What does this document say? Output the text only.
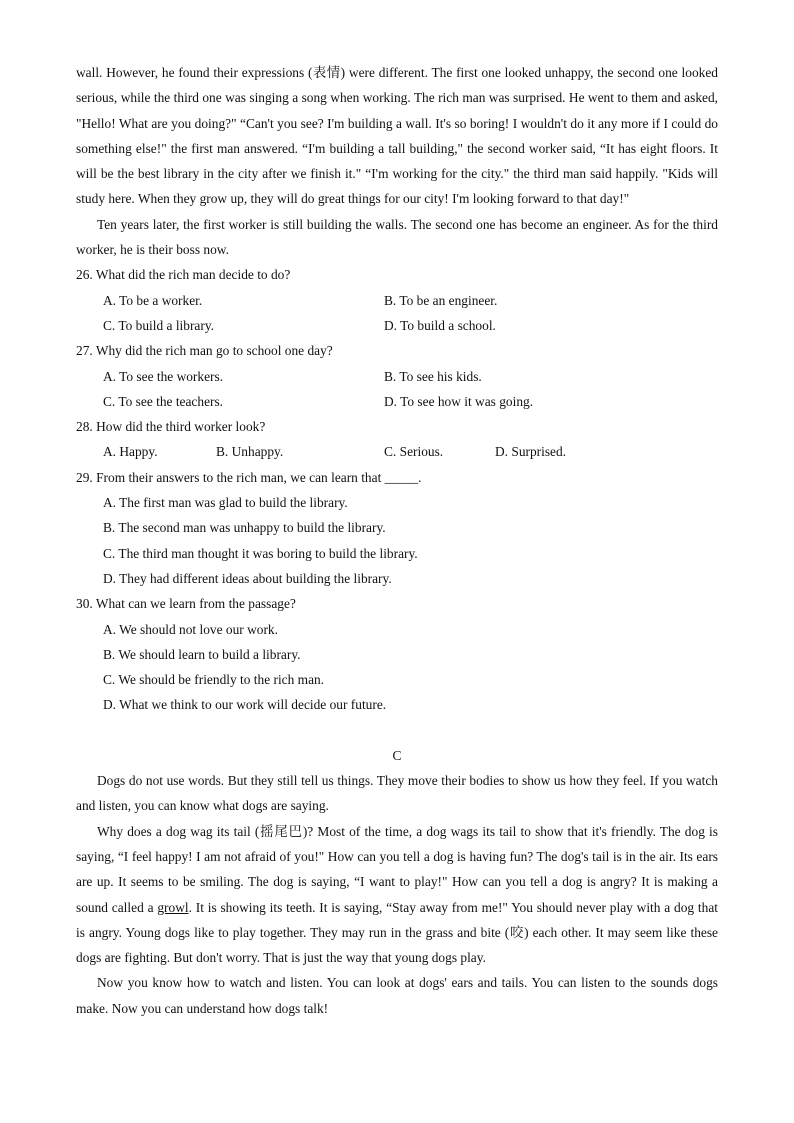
wall. However, he found their expressions (表情) were different. The first one looked unhappy, the second one looked serious, while the third one was singing a song when working. The rich man was surprised. He went to them and asked, "Hello! What are you doing?" “Can't you see? I'm building a wall. It's so boring! I wouldn't do it any more if I could do something else!" the first man answered. “I'm building a tall building," the second worker said, “It has eight floors. It will be the best library in the city after we finish it." “I'm working for the city." the third man said happily. "Kids will study here. When they grow up, they will do great things for our city! I'm looking forward to that day!"

Ten years later, the first worker is still building the walls. The second one has become an engineer. As for the third worker, he is their boss now.

26. What did the rich man decide to do?

A. To be a worker.	B. To be an engineer.
C. To build a library.	D. To build a school.

27. Why did the rich man go to school one day?

A. To see the workers.	B. To see his kids.
C. To see the teachers.	D. To see how it was going.

28. How did the third worker look?

A. Happy.	B. Unhappy.	C. Serious.	D. Surprised.

29. From their answers to the rich man, we can learn that _____.

A. The first man was glad to build the library.
B. The second man was unhappy to build the library.
C. The third man thought it was boring to build the library.
D. They had different ideas about building the library.

30. What can we learn from the passage?

A. We should not love our work.
B. We should learn to build a library.
C. We should be friendly to the rich man.
D. What we think to our work will decide our future.

C

Dogs do not use words. But they still tell us things. They move their bodies to show us how they feel. If you watch and listen, you can know what dogs are saying.

Why does a dog wag its tail (摇尾巴)? Most of the time, a dog wags its tail to show that it's friendly. The dog is saying, “I feel happy! I am not afraid of you!" How can you tell a dog is having fun? The dog's tail is in the air. Its ears are up. It seems to be smiling. The dog is saying, “I want to play!" How can you tell a dog is angry? It is making a sound called a growl. It is showing its teeth. It is saying, “Stay away from me!" You should never play with a dog that is angry. Young dogs like to play together. They may run in the grass and bite (咬) each other. It may seem like these dogs are fighting. But don't worry. That is just the way that young dogs play.

Now you know how to watch and listen. You can look at dogs' ears and tails. You can listen to the sounds dogs make. Now you can understand how dogs talk!
